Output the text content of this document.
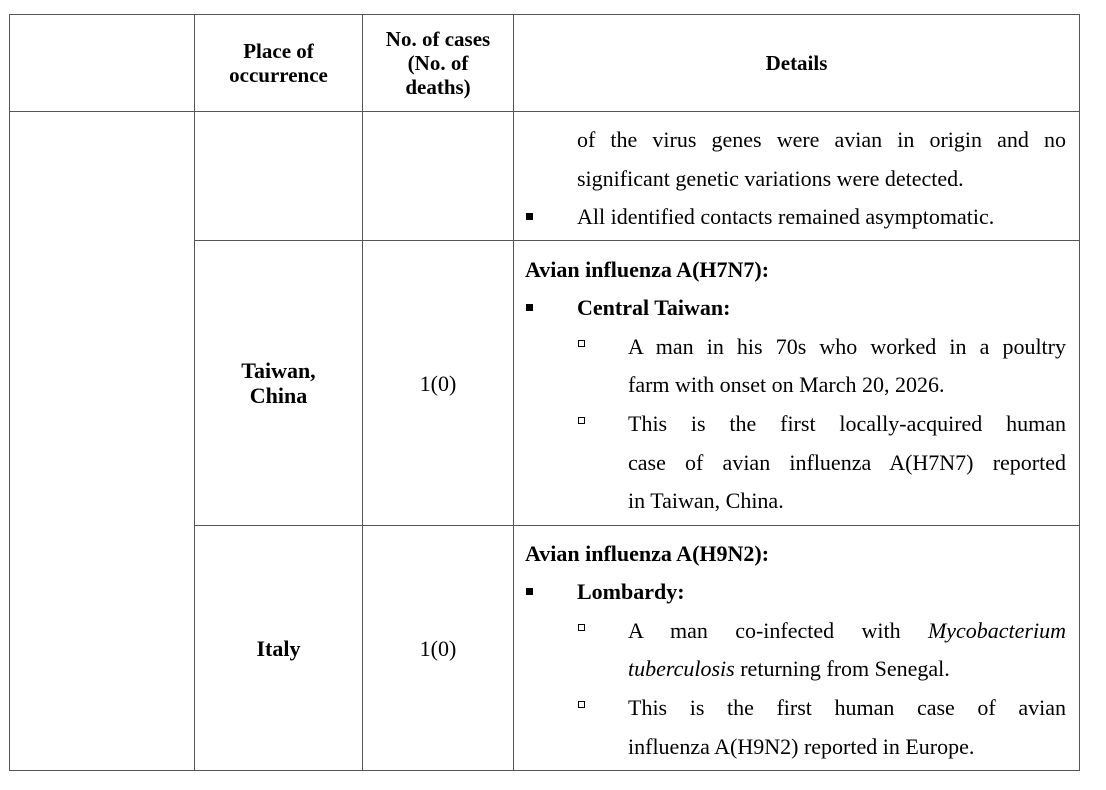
Place of
occurrence
No. of cases
(No. of
deaths)
Details
of the virus genes were avian in origin and no
significant genetic variations were detected.
All identified contacts remained asymptomatic.
Taiwan,
China	1(0)
Avian influenza A(H7N7):
Central Taiwan:
A man in his 70s who worked in a poultry
farm with onset on March 20, 2026.
This is the first locally-acquired human
case of avian influenza A(H7N7) reported
in Taiwan, China.
Italy	1(0)
Avian influenza A(H9N2):
Lombardy:
A man co-infected with Mycobacterium
tuberculosis returning from Senegal.
This is the first human case of avian
influenza A(H9N2) reported in Europe.
